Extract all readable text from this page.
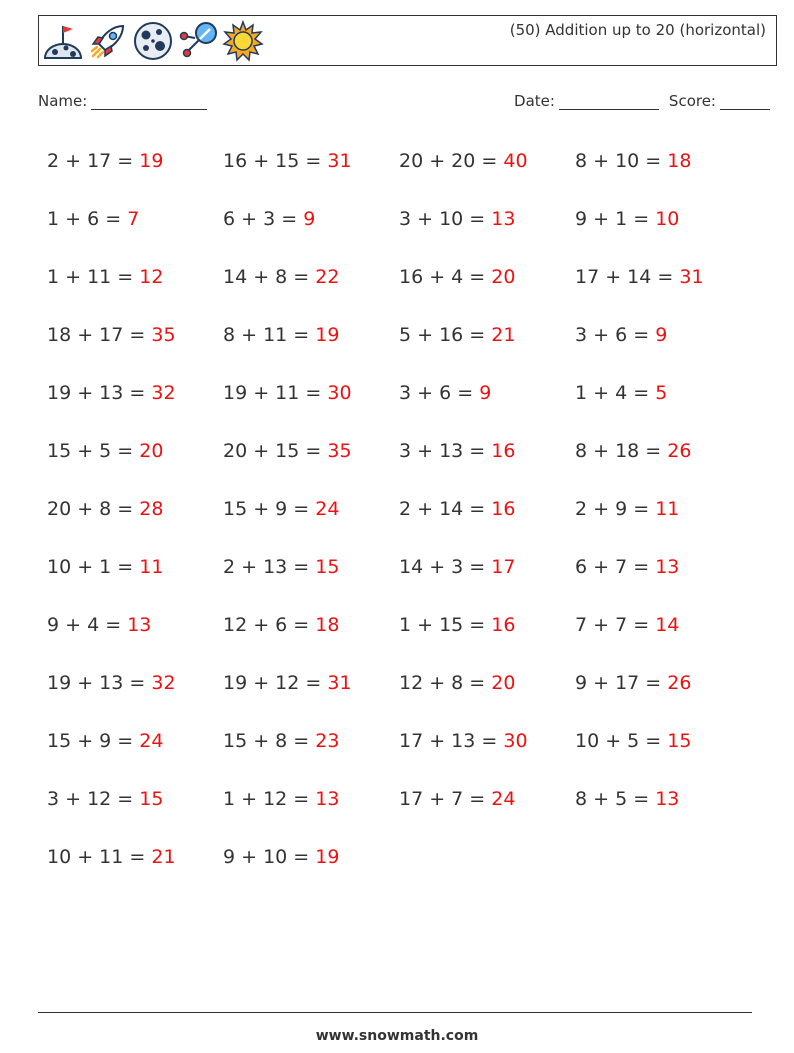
(50) Addition up to 20 (horizontal)
Name:	Date:	Score:
2 + 17 = 19	16 + 15 = 31	20 + 20 = 40	8 + 10 = 18
1 + 6 = 7	6 + 3 = 9	3 + 10 = 13	9 + 1 = 10
1 + 11 = 12	14 + 8 = 22	16 + 4 = 20	17 + 14 = 31
18 + 17 = 35	8 + 11 = 19	5 + 16 = 21	3 + 6 = 9
19 + 13 = 32	19 + 11 = 30	3 + 6 = 9	1 + 4 = 5
15 + 5 = 20	20 + 15 = 35	3 + 13 = 16	8 + 18 = 26
20 + 8 = 28	15 + 9 = 24	2 + 14 = 16	2 + 9 = 11
10 + 1 = 11	2 + 13 = 15	14 + 3 = 17	6 + 7 = 13
9 + 4 = 13	12 + 6 = 18	1 + 15 = 16	7 + 7 = 14
19 + 13 = 32	19 + 12 = 31	12 + 8 = 20	9 + 17 = 26
15 + 9 = 24	15 + 8 = 23	17 + 13 = 30	10 + 5 = 15
3 + 12 = 15	1 + 12 = 13	17 + 7 = 24	8 + 5 = 13
10 + 11 = 21	9 + 10 = 19
www.snowmath.com
